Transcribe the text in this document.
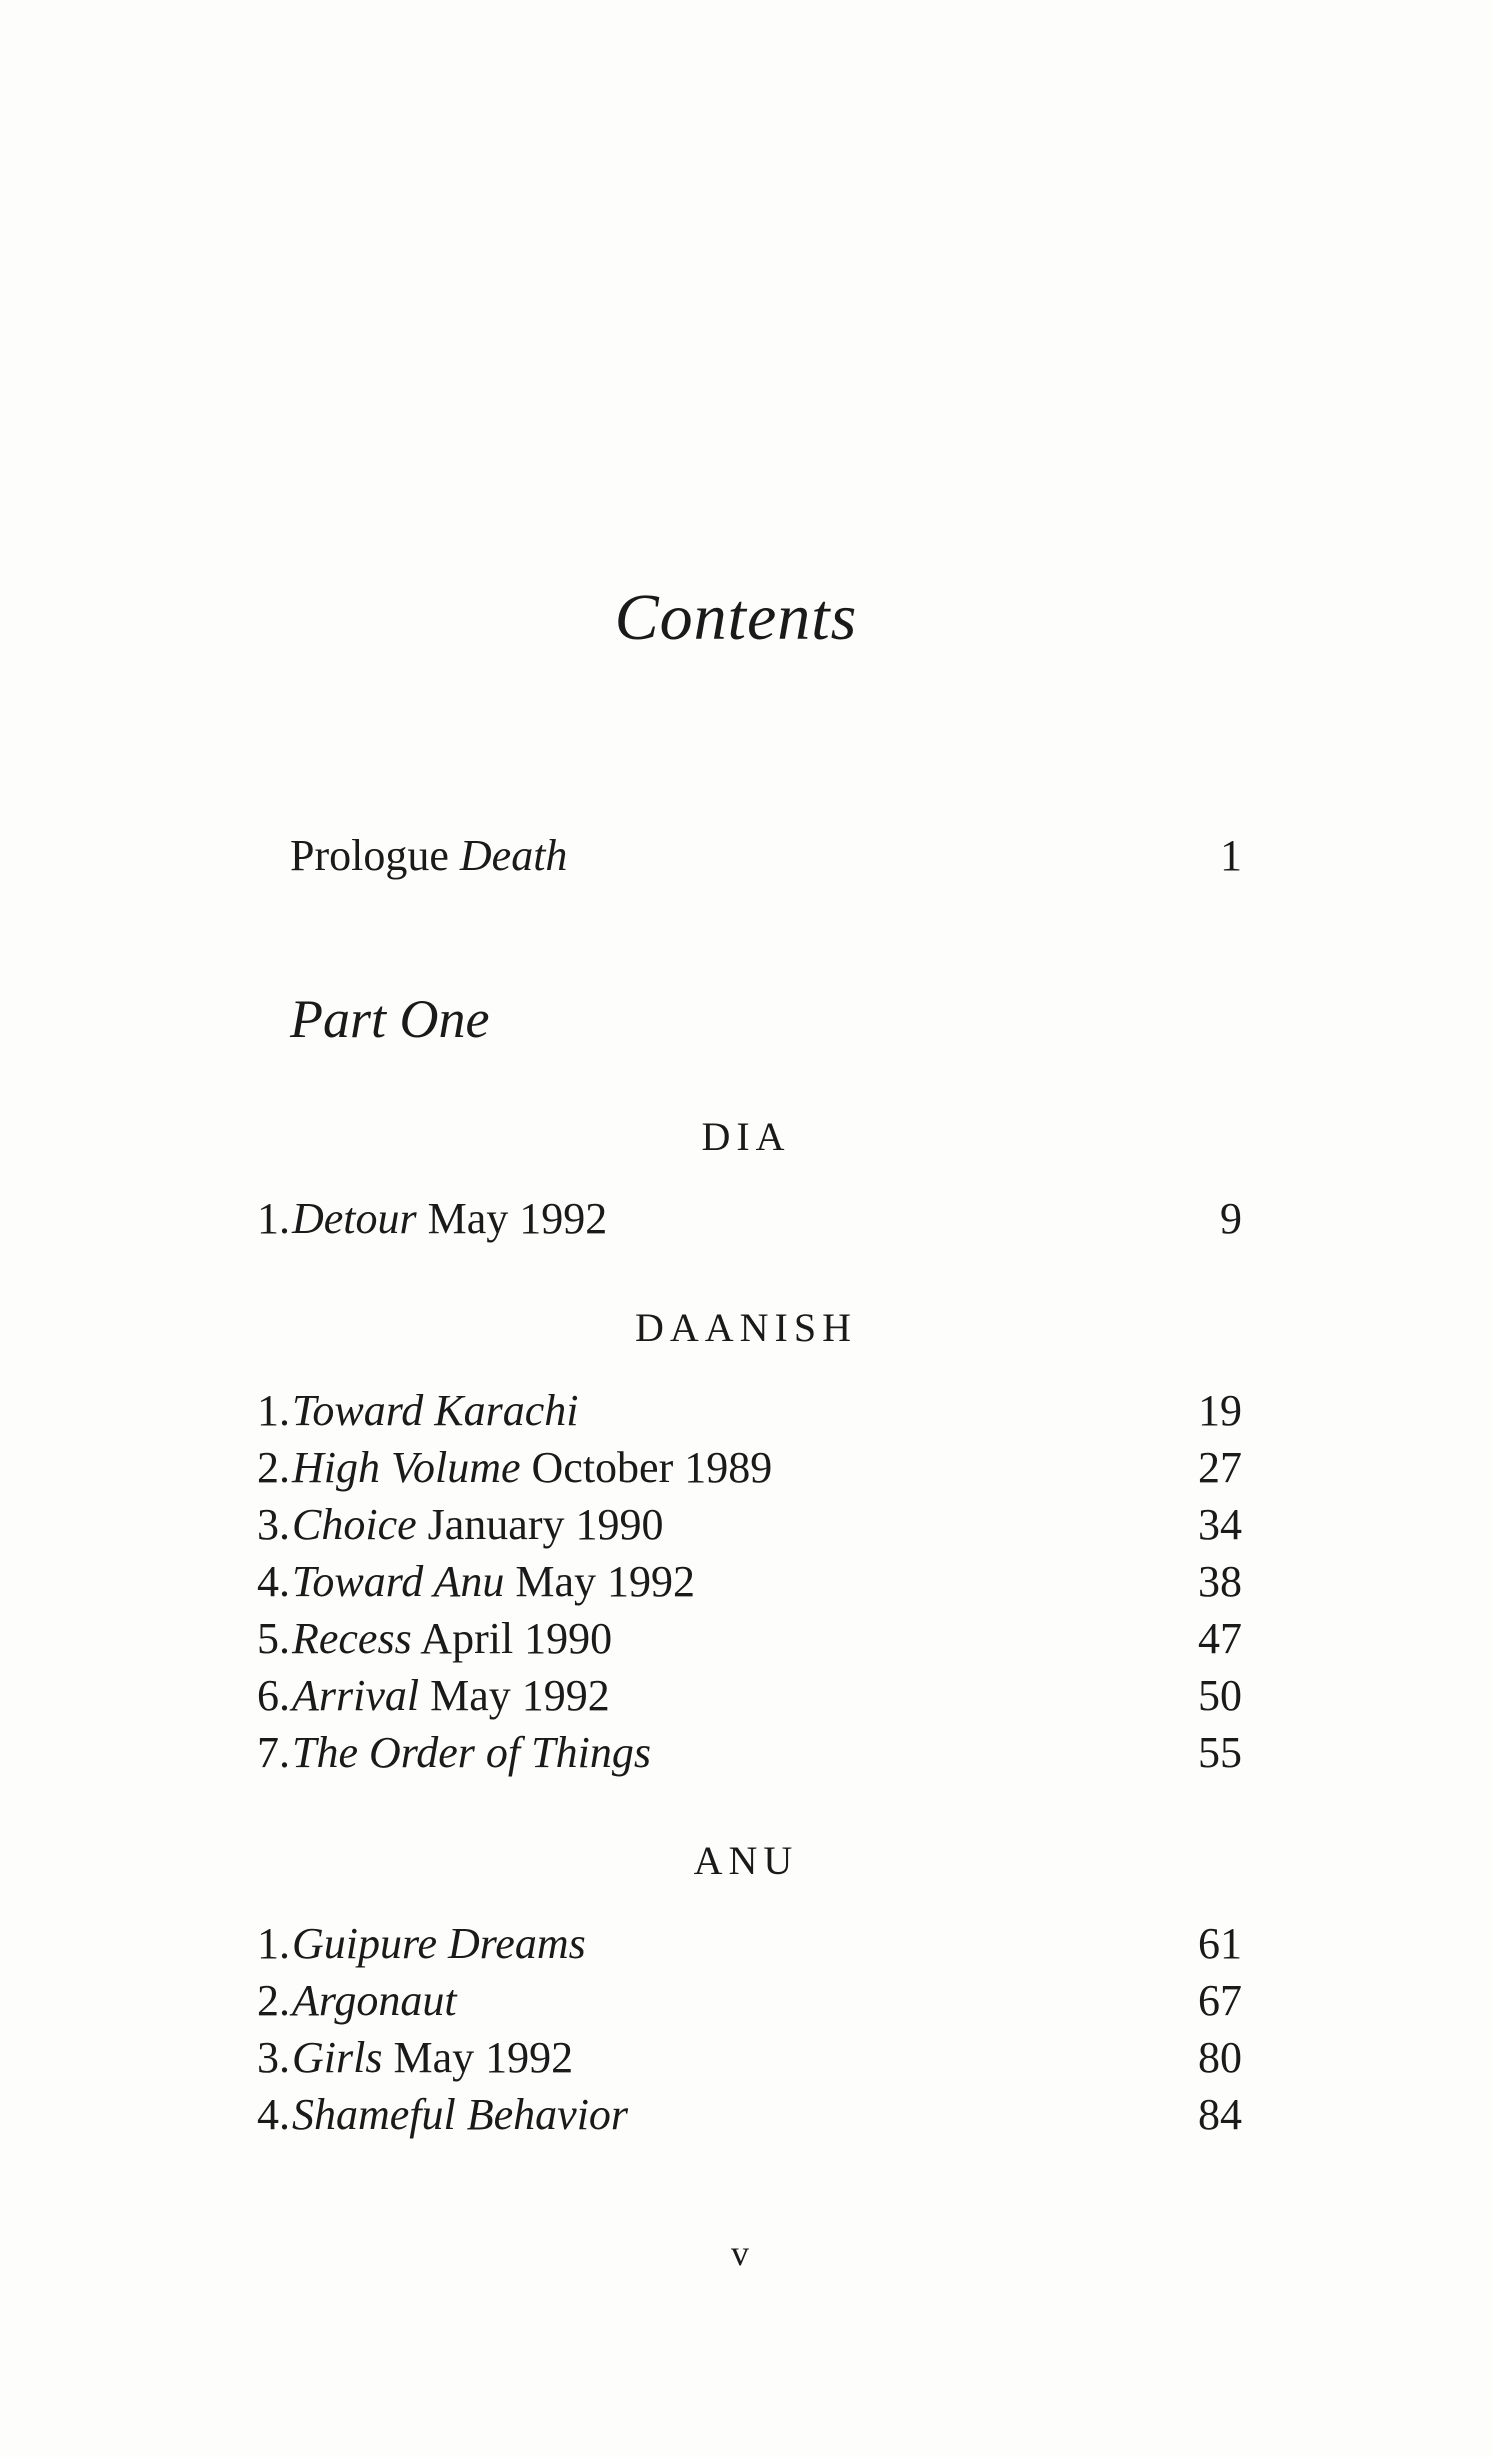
Contents
Prologue Death	1
Part One
DIA
1. Detour May 1992	9
DAANISH
1. Toward Karachi	19
2. High Volume October 1989	27
3. Choice January 1990	34
4. Toward Anu May 1992	38
5. Recess April 1990	47
6. Arrival May 1992	50
7. The Order of Things	55
ANU
1. Guipure Dreams	61
2. Argonaut	67
3. Girls May 1992	80
4. Shameful Behavior	84
v
